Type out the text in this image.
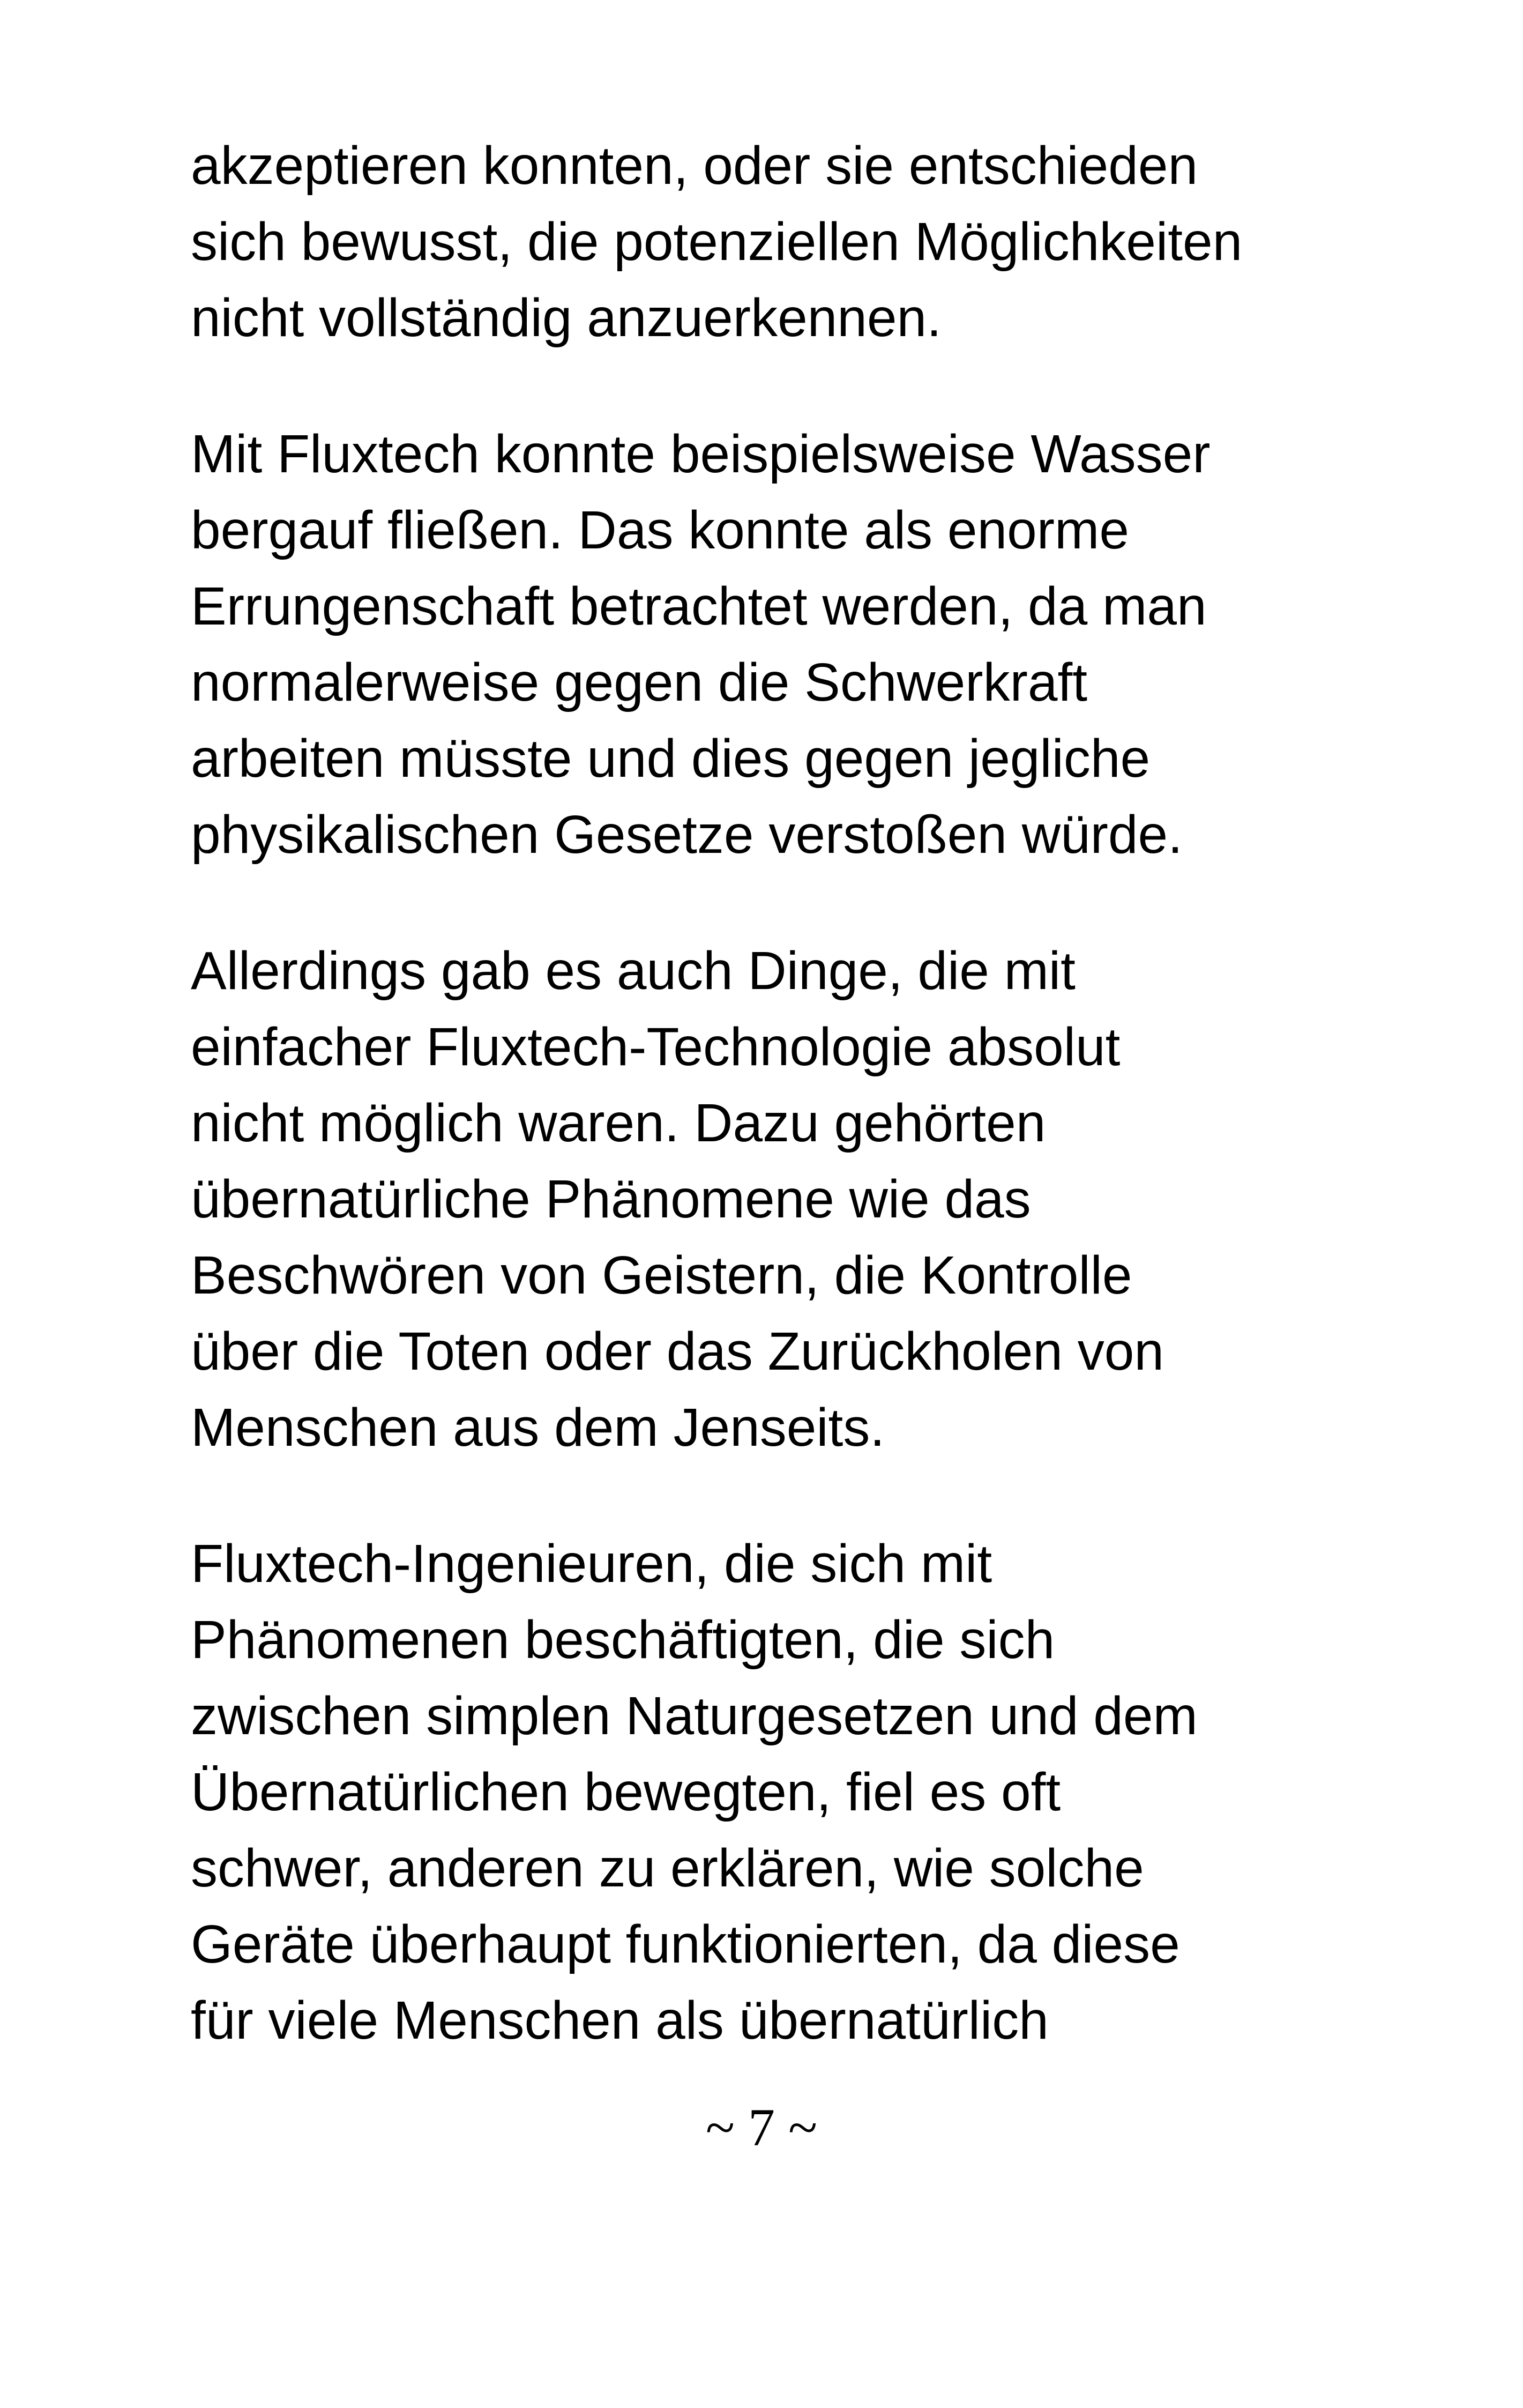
akzeptieren konnten, oder sie entschieden
sich bewusst, die potenziellen Möglichkeiten
nicht vollständig anzuerkennen.

Mit Fluxtech konnte beispielsweise Wasser
bergauf fließen. Das konnte als enorme
Errungenschaft betrachtet werden, da man
normalerweise gegen die Schwerkraft
arbeiten müsste und dies gegen jegliche
physikalischen Gesetze verstoßen würde.

Allerdings gab es auch Dinge, die mit
einfacher Fluxtech-Technologie absolut
nicht möglich waren. Dazu gehörten
übernatürliche Phänomene wie das
Beschwören von Geistern, die Kontrolle
über die Toten oder das Zurückholen von
Menschen aus dem Jenseits.

Fluxtech-Ingenieuren, die sich mit
Phänomenen beschäftigten, die sich
zwischen simplen Naturgesetzen und dem
Übernatürlichen bewegten, fiel es oft
schwer, anderen zu erklären, wie solche
Geräte überhaupt funktionierten, da diese
für viele Menschen als übernatürlich

~ 7 ~
